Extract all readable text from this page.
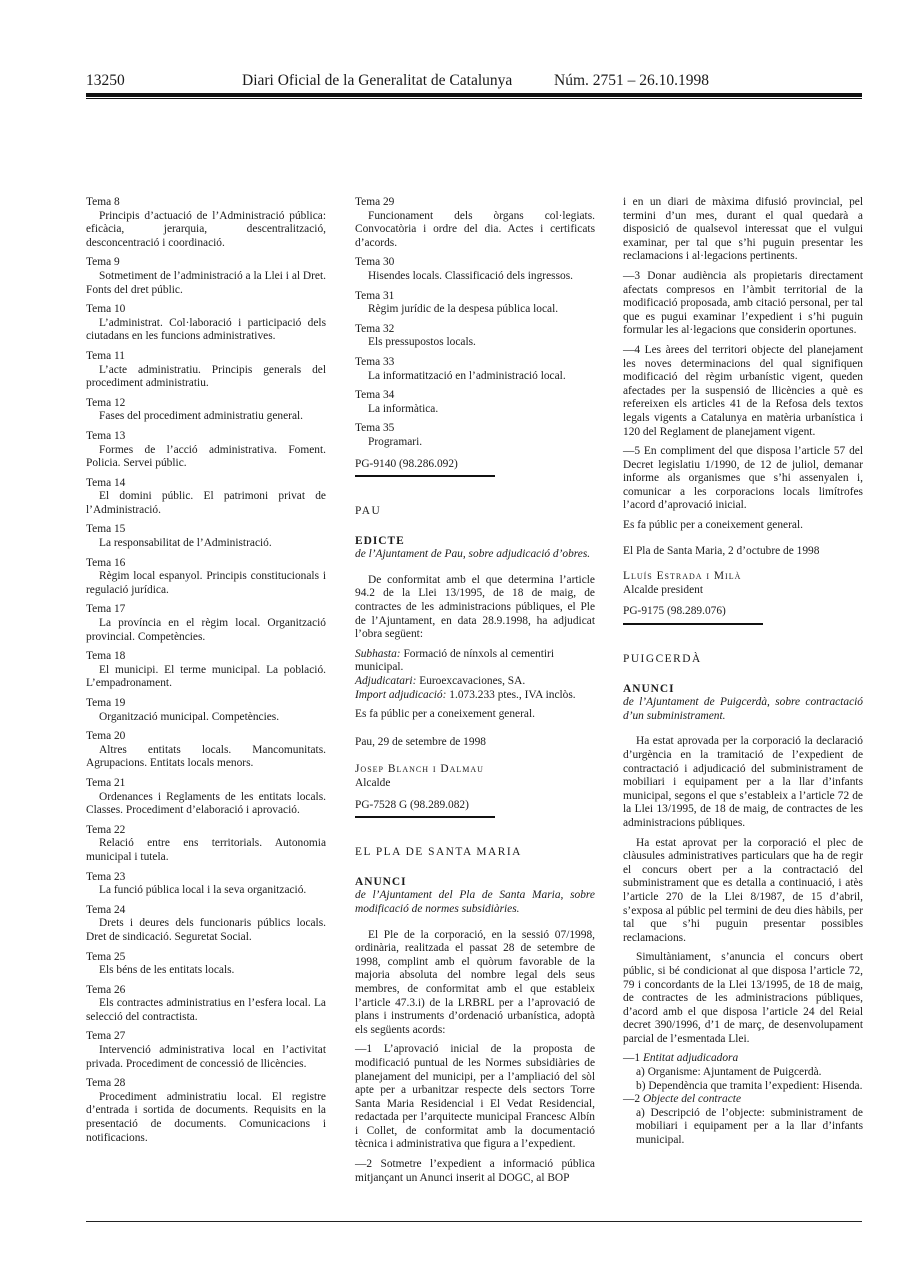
13250	Diari Oficial de la Generalitat de Catalunya	Núm. 2751 – 26.10.1998
Tema 8
Principis d’actuació de l’Administració pública: eficàcia, jerarquia, descentralització, desconcentració i coordinació.
Tema 9
Sotmetiment de l’administració a la Llei i al Dret. Fonts del dret públic.
Tema 10
L’administrat. Col·laboració i participació dels ciutadans en les funcions administratives.
Tema 11
L’acte administratiu. Principis generals del procediment administratiu.
Tema 12
Fases del procediment administratiu general.
Tema 13
Formes de l’acció administrativa. Foment. Policia. Servei públic.
Tema 14
El domini públic. El patrimoni privat de l’Administració.
Tema 15
La responsabilitat de l’Administració.
Tema 16
Règim local espanyol. Principis constitucionals i regulació jurídica.
Tema 17
La província en el règim local. Organització provincial. Competències.
Tema 18
El municipi. El terme municipal. La població. L’empadronament.
Tema 19
Organització municipal. Competències.
Tema 20
Altres entitats locals. Mancomunitats. Agrupacions. Entitats locals menors.
Tema 21
Ordenances i Reglaments de les entitats locals. Classes. Procediment d’elaboració i aprovació.
Tema 22
Relació entre ens territorials. Autonomia municipal i tutela.
Tema 23
La funció pública local i la seva organització.
Tema 24
Drets i deures dels funcionaris públics locals. Dret de sindicació. Seguretat Social.
Tema 25
Els béns de les entitats locals.
Tema 26
Els contractes administratius en l’esfera local. La selecció del contractista.
Tema 27
Intervenció administrativa local en l’activitat privada. Procediment de concessió de llicències.
Tema 28
Procediment administratiu local. El registre d’entrada i sortida de documents. Requisits en la presentació de documents. Comunicacions i notificacions.
Tema 29
Funcionament dels òrgans col·legiats. Convocatòria i ordre del dia. Actes i certificats d’acords.
Tema 30
Hisendes locals. Classificació dels ingressos.
Tema 31
Règim jurídic de la despesa pública local.
Tema 32
Els pressupostos locals.
Tema 33
La informatització en l’administració local.
Tema 34
La informàtica.
Tema 35
Programari.

PG-9140 (98.286.092)

PAU

EDICTE

de l’Ajuntament de Pau, sobre adjudicació d’obres.

De conformitat amb el que determina l’article 94.2 de la Llei 13/1995, de 18 de maig, de contractes de les administracions públiques, el Ple de l’Ajuntament, en data 28.9.1998, ha adjudicat l’obra següent:

Subhasta: Formació de nínxols al cementiri municipal.
Adjudicatari: Euroexcavaciones, SA.
Import adjudicació: 1.073.233 ptes., IVA inclòs.

Es fa públic per a coneixement general.

Pau, 29 de setembre de 1998

Josep Blanch i Dalmau

Alcalde

PG-7528 G (98.289.082)

EL PLA DE SANTA MARIA

ANUNCI

de l’Ajuntament del Pla de Santa Maria, sobre modificació de normes subsidiàries.

El Ple de la corporació, en la sessió 07/1998, ordinària, realitzada el passat 28 de setembre de 1998, complint amb el quòrum favorable de la majoria absoluta del nombre legal dels seus membres, de conformitat amb el que estableix l’article 47.3.i) de la LRBRL per a l’aprovació de plans i instruments d’ordenació urbanística, adoptà els següents acords:

—1 L’aprovació inicial de la proposta de modificació puntual de les Normes subsidiàries de planejament del municipi, per a l’ampliació del sòl apte per a urbanitzar respecte dels sectors Torre Santa Maria Residencial i El Vedat Residencial, redactada per l’arquitecte municipal Francesc Albín i Collet, de conformitat amb la documentació tècnica i administrativa que figura a l’expedient.

—2 Sotmetre l’expedient a informació pública mitjançant un Anunci inserit al DOGC, al BOP

i en un diari de màxima difusió provincial, pel termini d’un mes, durant el qual quedarà a disposició de qualsevol interessat que el vulgui examinar, per tal que s’hi puguin presentar les reclamacions i al·legacions pertinents.

—3 Donar audiència als propietaris directament afectats compresos en l’àmbit territorial de la modificació proposada, amb citació personal, per tal que es pugui examinar l’expedient i s’hi puguin formular les al·legacions que considerin oportunes.

—4 Les àrees del territori objecte del planejament les noves determinacions del qual signifiquen modificació del règim urbanístic vigent, queden afectades per la suspensió de llicències a què es refereixen els articles 41 de la Refosa dels textos legals vigents a Catalunya en matèria urbanística i 120 del Reglament de planejament vigent.

—5 En compliment del que disposa l’article 57 del Decret legislatiu 1/1990, de 12 de juliol, demanar informe als organismes que s’hi assenyalen i, comunicar a les corporacions locals limítrofes l’acord d’aprovació inicial.

Es fa públic per a coneixement general.

El Pla de Santa Maria, 2 d’octubre de 1998

Lluís Estrada i Milà

Alcalde president

PG-9175 (98.289.076)

PUIGCERDÀ

ANUNCI

de l’Ajuntament de Puigcerdà, sobre contractació d’un subministrament.

Ha estat aprovada per la corporació la declaració d’urgència en la tramitació de l’expedient de contractació i adjudicació del subministrament de mobiliari i equipament per a la llar d’infants municipal, segons el que s’estableix a l’article 72 de la Llei 13/1995, de 18 de maig, de contractes de les administracions públiques.

Ha estat aprovat per la corporació el plec de clàusules administratives particulars que ha de regir el concurs obert per a la contractació del subministrament que es detalla a continuació, i atès l’article 270 de la Llei 8/1987, de 15 d’abril, s’exposa al públic pel termini de deu dies hàbils, per tal que s’hi puguin presentar possibles reclamacions.

Simultàniament, s’anuncia el concurs obert públic, si bé condicionat al que disposa l’article 72, 79 i concordants de la Llei 13/1995, de 18 de maig, de contractes de les administracions públiques, d’acord amb el que disposa l’article 24 del Reial decret 390/1996, d’1 de març, de desenvolupament parcial de l’esmentada Llei.

—1 Entitat adjudicadora

a) Organisme: Ajuntament de Puigcerdà.

b) Dependència que tramita l’expedient: Hisenda.

—2 Objecte del contracte

a) Descripció de l’objecte: subministrament de mobiliari i equipament per a la llar d’infants municipal.
